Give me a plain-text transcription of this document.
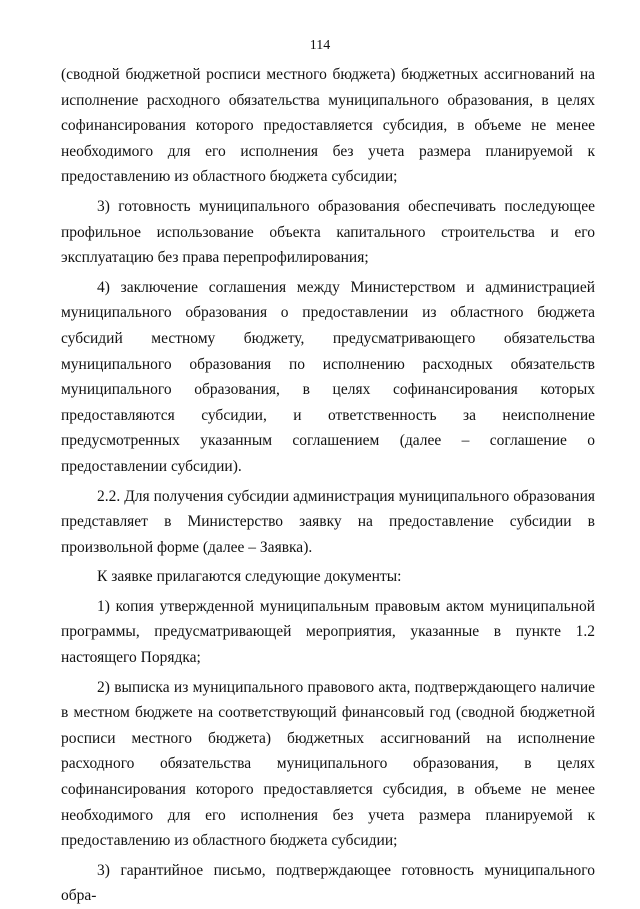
114

(сводной бюджетной росписи местного бюджета) бюджетных ассигнований на исполнение расходного обязательства муниципального образования, в целях софинансирования которого предоставляется субсидия, в объеме не менее необходимого для его исполнения без учета размера планируемой к предоставлению из областного бюджета субсидии;

3) готовность муниципального образования обеспечивать последующее профильное использование объекта капитального строительства и его эксплуатацию без права перепрофилирования;

4) заключение соглашения между Министерством и администрацией муниципального образования о предоставлении из областного бюджета субсидий местному бюджету, предусматривающего обязательства муниципального образования по исполнению расходных обязательств муниципального образования, в целях софинансирования которых предоставляются субсидии, и ответственность за неисполнение предусмотренных указанным соглашением (далее – соглашение о предоставлении субсидии).

2.2. Для получения субсидии администрация муниципального образования представляет в Министерство заявку на предоставление субсидии в произвольной форме (далее – Заявка).

К заявке прилагаются следующие документы:

1) копия утвержденной муниципальным правовым актом муниципальной программы, предусматривающей мероприятия, указанные в пункте 1.2 настоящего Порядка;

2) выписка из муниципального правового акта, подтверждающего наличие в местном бюджете на соответствующий финансовый год (сводной бюджетной росписи местного бюджета) бюджетных ассигнований на исполнение расходного обязательства муниципального образования, в целях софинансирования которого предоставляется субсидия, в объеме не менее необходимого для его исполнения без учета размера планируемой к предоставлению из областного бюджета субсидии;

3) гарантийное письмо, подтверждающее готовность муниципального обра-
